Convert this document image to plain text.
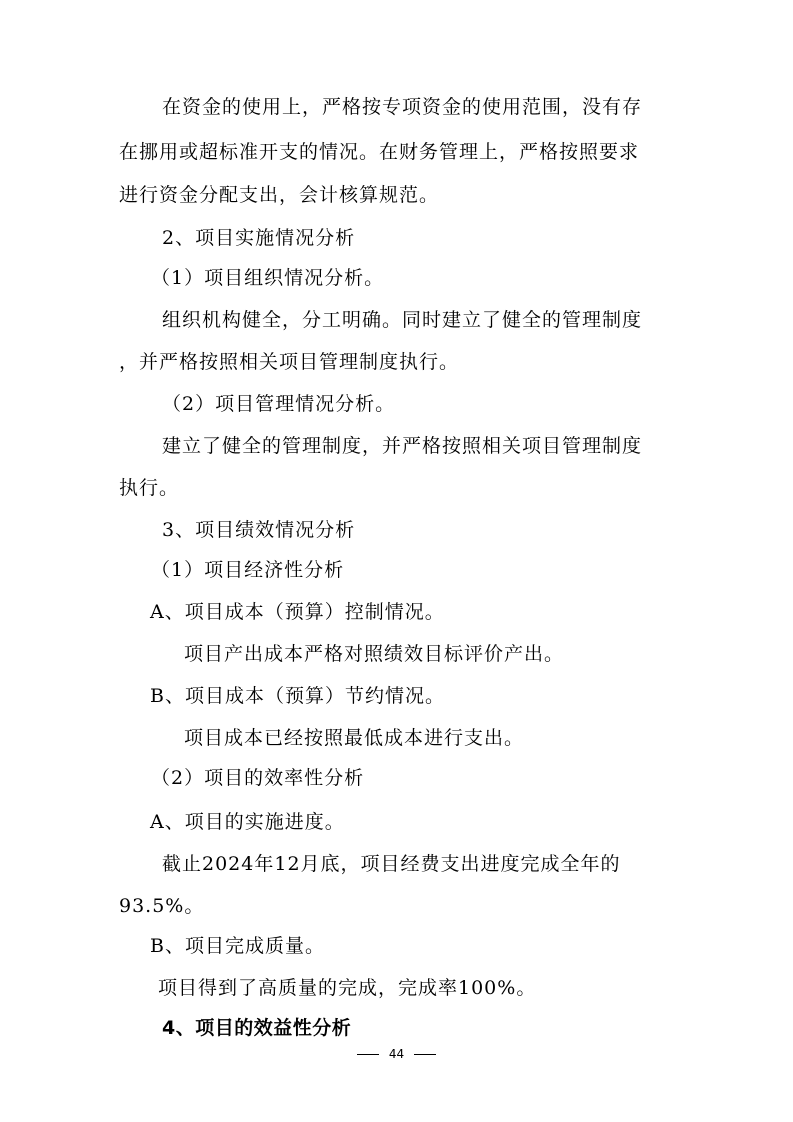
在资金的使用上，严格按专项资金的使用范围，没有存
在挪用或超标准开支的情况。在财务管理上，严格按照要求
进行资金分配支出，会计核算规范。
2、项目实施情况分析
（1）项目组织情况分析。
组织机构健全，分工明确。同时建立了健全的管理制度
，并严格按照相关项目管理制度执行。
（2）项目管理情况分析。
建立了健全的管理制度，并严格按照相关项目管理制度
执行。
3、项目绩效情况分析
（1）项目经济性分析
A、项目成本（预算）控制情况。
项目产出成本严格对照绩效目标评价产出。
B、项目成本（预算）节约情况。
项目成本已经按照最低成本进行支出。
（2）项目的效率性分析
A、项目的实施进度。
截止2024年12月底，项目经费支出进度完成全年的
93.5%。
B、项目完成质量。
项目得到了高质量的完成，完成率100%。
4、项目的效益性分析
44
